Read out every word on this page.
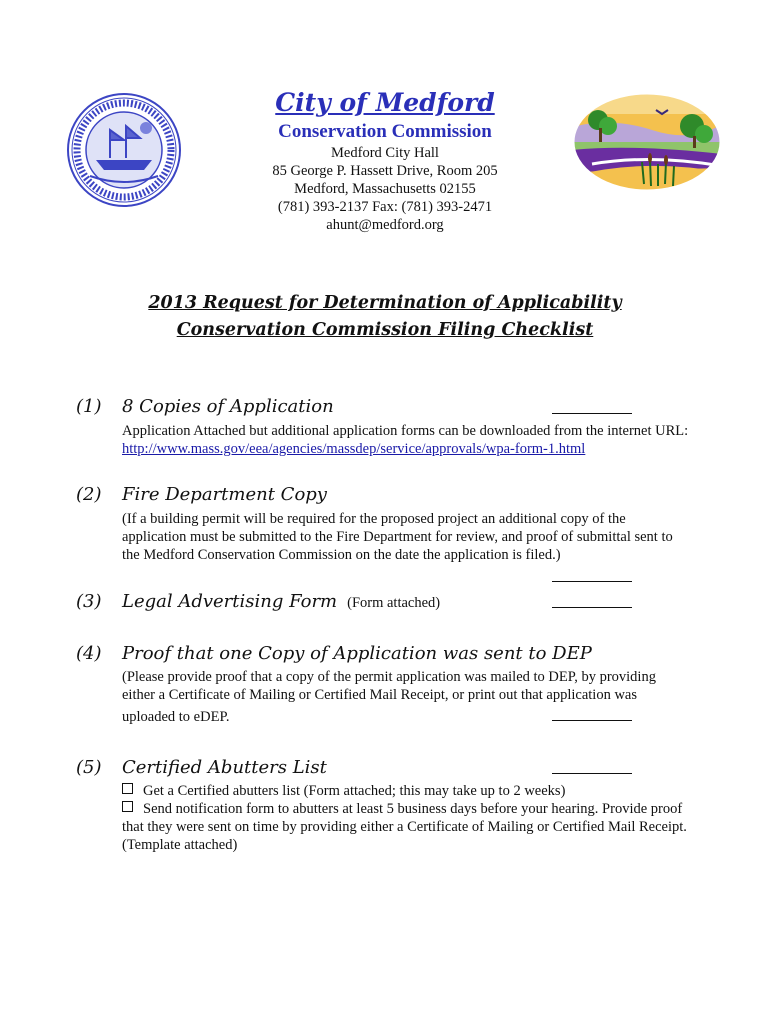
City of Medford
Conservation Commission
Medford City Hall
85 George P. Hassett Drive, Room 205
Medford, Massachusetts 02155
(781) 393-2137 Fax: (781) 393-2471
ahunt@medford.org
2013 Request for Determination of Applicability
Conservation Commission Filing Checklist
(1) 8 Copies of Application
Application Attached but additional application forms can be downloaded from the internet URL:
http://www.mass.gov/eea/agencies/massdep/service/approvals/wpa-form-1.html
(2) Fire Department Copy
(If a building permit will be required for the proposed project an additional copy of the
application must be submitted to the Fire Department for review, and proof of submittal sent to
the Medford Conservation Commission on the date the application is filed.)
(3) Legal Advertising Form (Form attached)
(4) Proof that one Copy of Application was sent to DEP
(Please provide proof that a copy of the permit application was mailed to DEP, by providing
either a Certificate of Mailing or Certified Mail Receipt, or print out that application was
uploaded to eDEP.
(5) Certified Abutters List
Get a Certified abutters list (Form attached; this may take up to 2 weeks)
Send notification form to abutters at least 5 business days before your hearing. Provide proof
that they were sent on time by providing either a Certificate of Mailing or Certified Mail Receipt.
(Template attached)
